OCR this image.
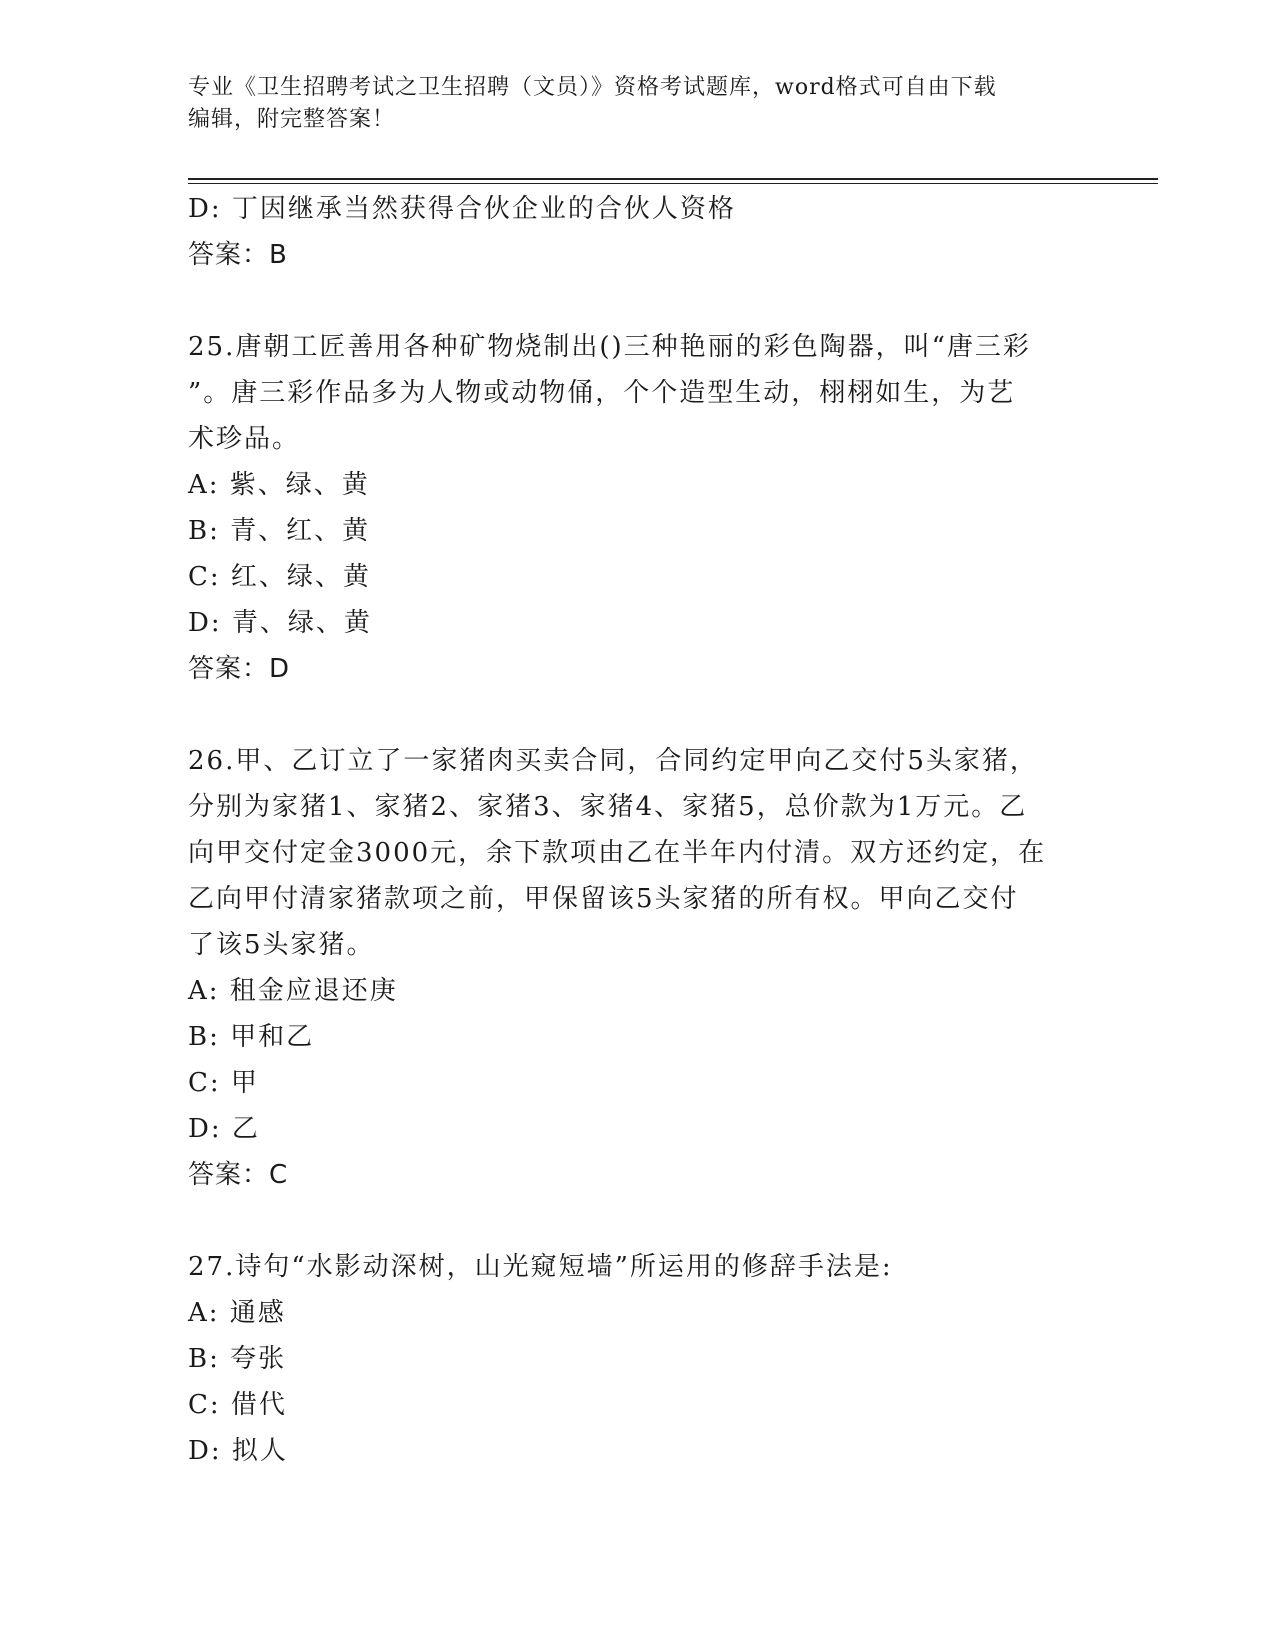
专业《卫生招聘考试之卫生招聘（文员）》资格考试题库，word格式可自由下载
编辑，附完整答案！
D: 丁因继承当然获得合伙企业的合伙人资格
答案：B
25.唐朝工匠善用各种矿物烧制出()三种艳丽的彩色陶器，叫“唐三彩
”。唐三彩作品多为人物或动物俑，个个造型生动，栩栩如生，为艺
术珍品。
A: 紫、绿、黄
B: 青、红、黄
C: 红、绿、黄
D: 青、绿、黄
答案：D
26.甲、乙订立了一家猪肉买卖合同，合同约定甲向乙交付5头家猪，
分别为家猪1、家猪2、家猪3、家猪4、家猪5，总价款为1万元。乙
向甲交付定金3000元，余下款项由乙在半年内付清。双方还约定，在
乙向甲付清家猪款项之前，甲保留该5头家猪的所有权。甲向乙交付
了该5头家猪。
A: 租金应退还庚
B: 甲和乙
C: 甲
D: 乙
答案：C
27.诗句“水影动深树，山光窥短墙”所运用的修辞手法是:
A: 通感
B: 夸张
C: 借代
D: 拟人
